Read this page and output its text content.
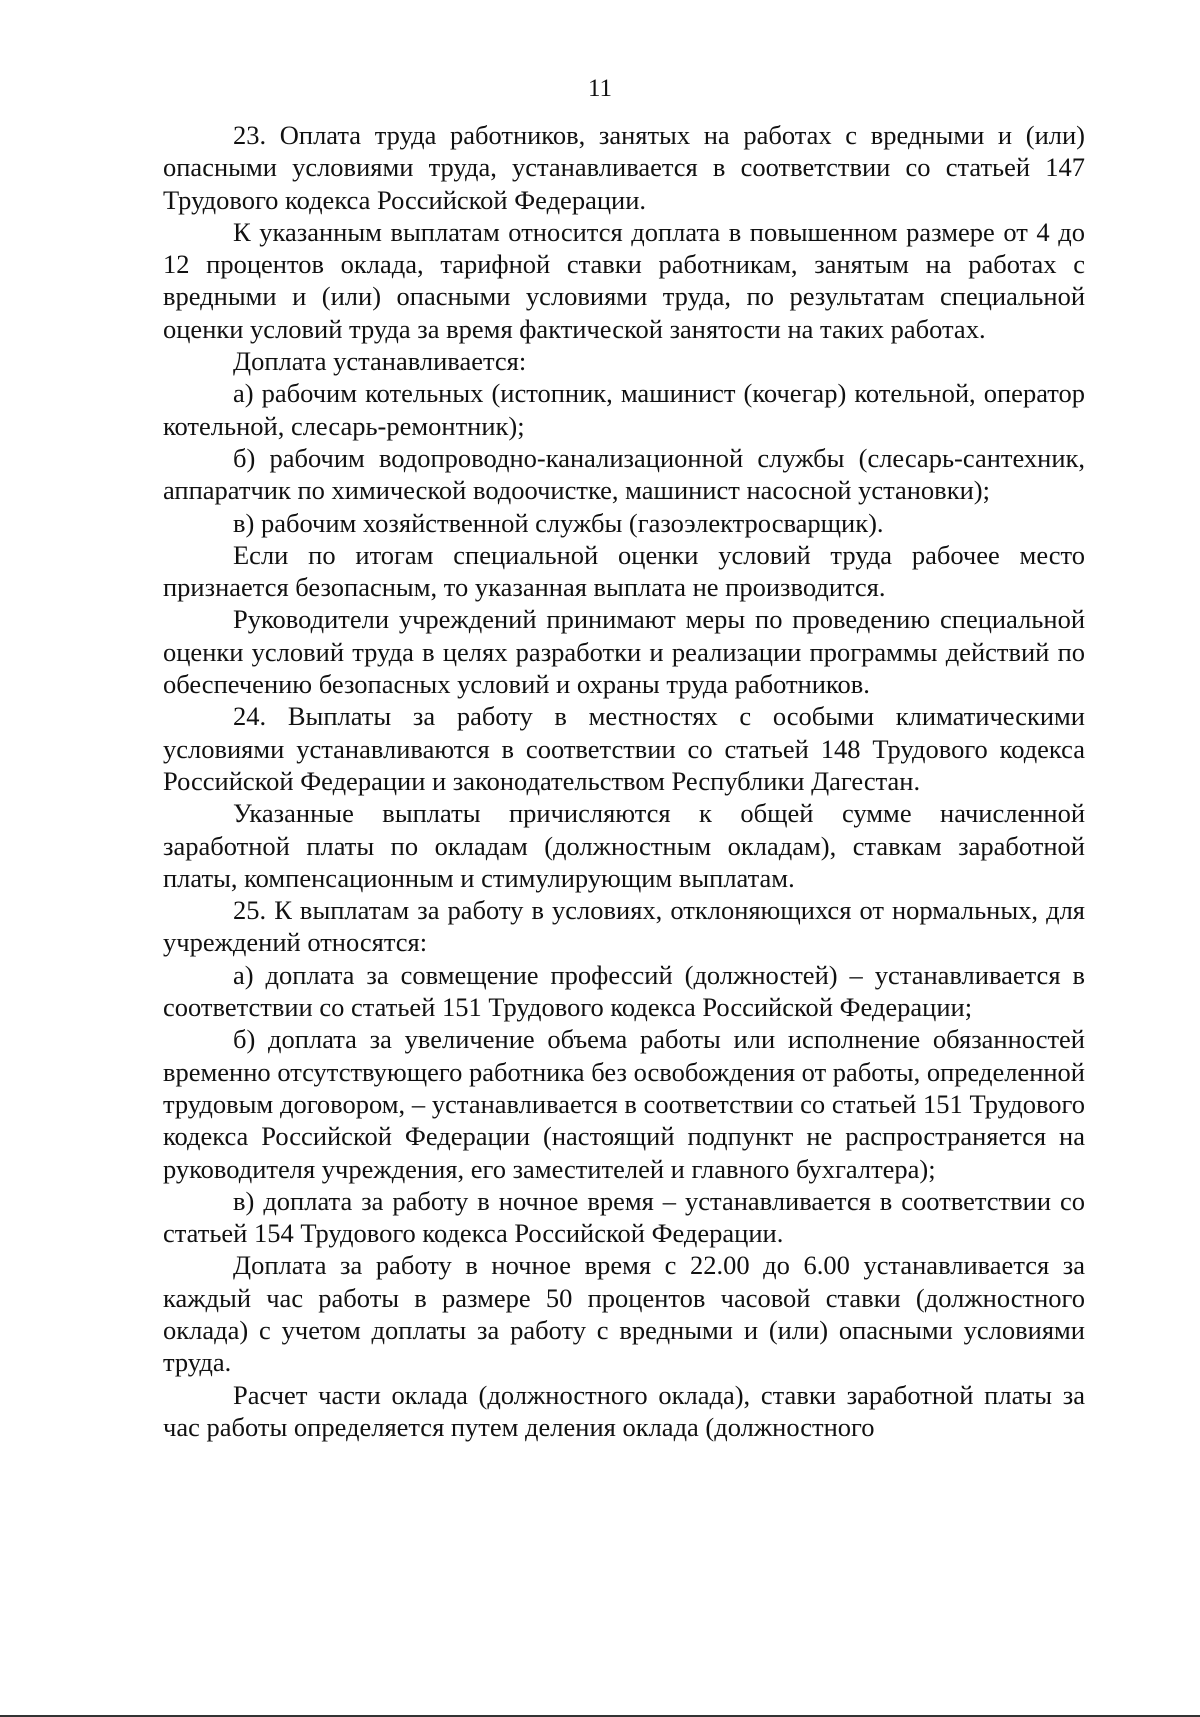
11

23. Оплата труда работников, занятых на работах с вредными и (или) опасными условиями труда, устанавливается в соответствии со статьей 147 Трудового кодекса Российской Федерации.

К указанным выплатам относится доплата в повышенном размере от 4 до 12 процентов оклада, тарифной ставки работникам, занятым на работах с вредными и (или) опасными условиями труда, по результатам специальной оценки условий труда за время фактической занятости на таких работах.

Доплата устанавливается:

а) рабочим котельных (истопник, машинист (кочегар) котельной, оператор котельной, слесарь-ремонтник);

б) рабочим водопроводно-канализационной службы (слесарь-сантехник, аппаратчик по химической водоочистке, машинист насосной установки);

в) рабочим хозяйственной службы (газоэлектросварщик).

Если по итогам специальной оценки условий труда рабочее место признается безопасным, то указанная выплата не производится.

Руководители учреждений принимают меры по проведению специальной оценки условий труда в целях разработки и реализации программы действий по обеспечению безопасных условий и охраны труда работников.

24. Выплаты за работу в местностях с особыми климатическими условиями устанавливаются в соответствии со статьей 148 Трудового кодекса Российской Федерации и законодательством Республики Дагестан.

Указанные выплаты причисляются к общей сумме начисленной заработной платы по окладам (должностным окладам), ставкам заработной платы, компенсационным и стимулирующим выплатам.

25. К выплатам за работу в условиях, отклоняющихся от нормальных, для учреждений относятся:

а) доплата за совмещение профессий (должностей) – устанавливается в соответствии со статьей 151 Трудового кодекса Российской Федерации;

б) доплата за увеличение объема работы или исполнение обязанностей временно отсутствующего работника без освобождения от работы, определенной трудовым договором, – устанавливается в соответствии со статьей 151 Трудового кодекса Российской Федерации (настоящий подпункт не распространяется на руководителя учреждения, его заместителей и главного бухгалтера);

в) доплата за работу в ночное время – устанавливается в соответствии со статьей 154 Трудового кодекса Российской Федерации.

Доплата за работу в ночное время с 22.00 до 6.00 устанавливается за каждый час работы в размере 50 процентов часовой ставки (должностного оклада) с учетом доплаты за работу с вредными и (или) опасными условиями труда.

Расчет части оклада (должностного оклада), ставки заработной платы за час работы определяется путем деления оклада (должностного
